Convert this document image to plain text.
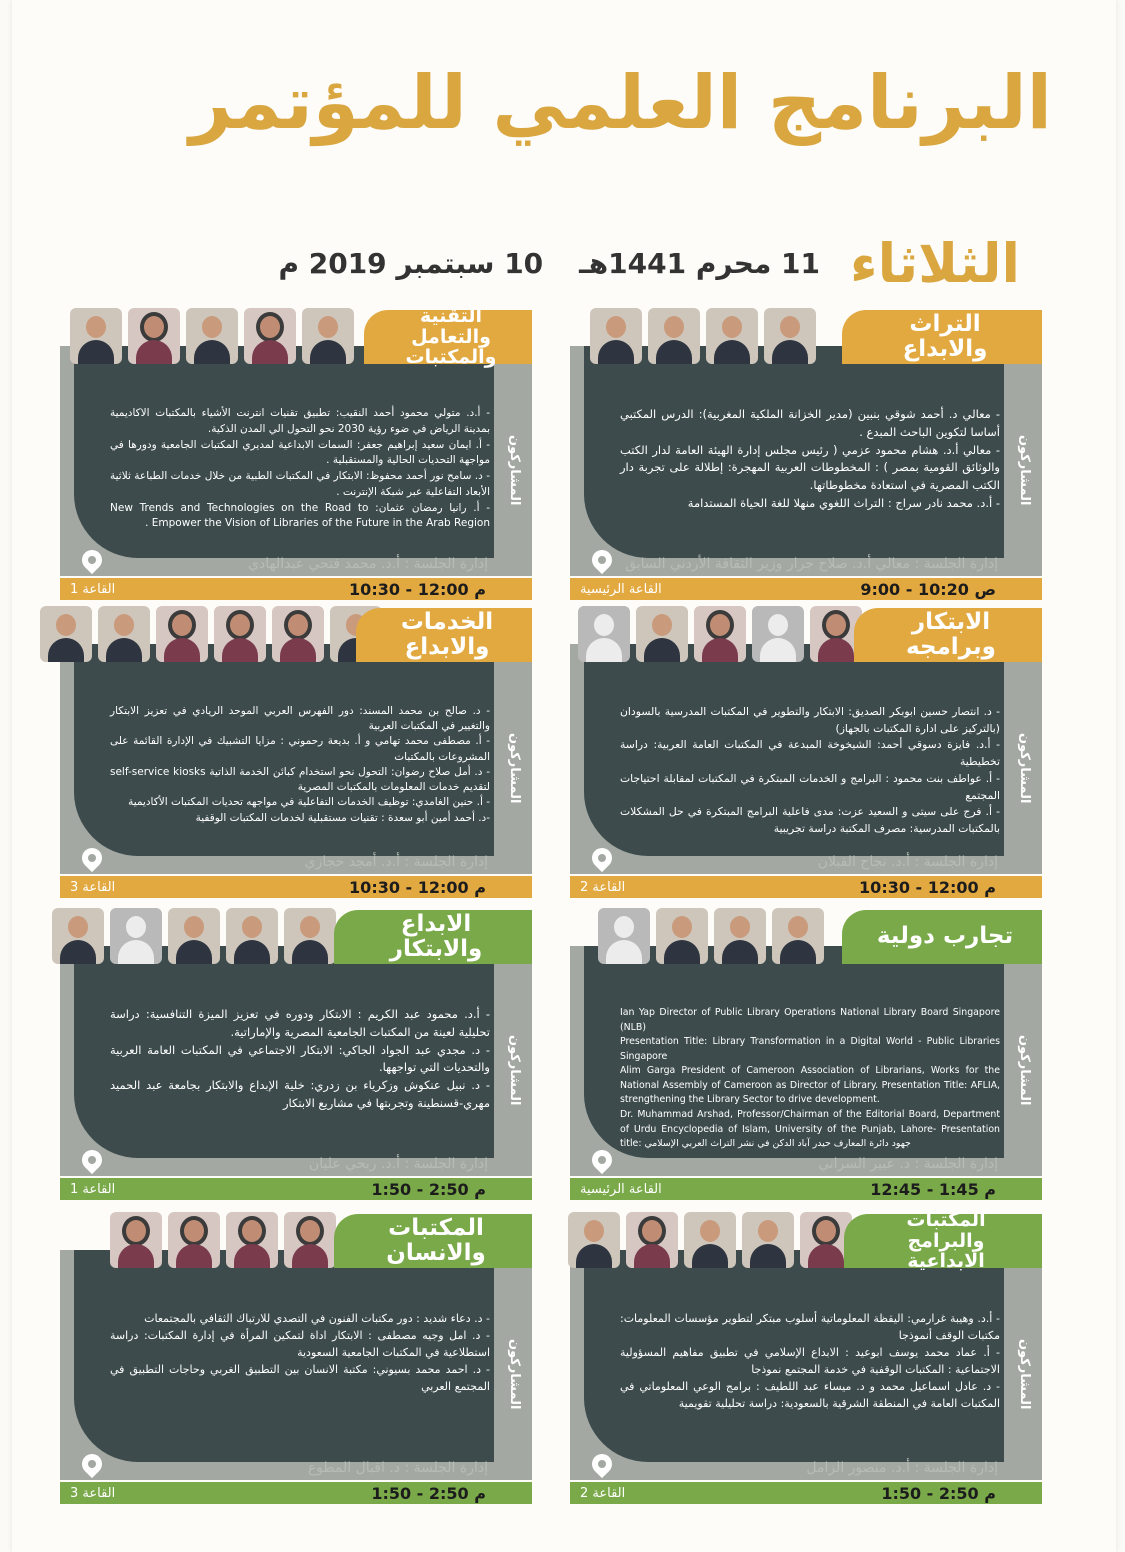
البرنامج العلمي للمؤتمر
الثلاثاء
11 محرم 1441هـ
10 سبتمبر 2019 م
التراث والابداع
المشاركون

- معالي د. أحمد شوقي بنبين (مدير الخزانة الملكية المغربية): الدرس المكتبي أساسا لتكوين الباحث المبدع .

- معالي أ.د. هشام محمود عزمي ( رئيس مجلس إدارة الهيئة العامة لدار الكتب والوثائق القومية بمصر ) : المخطوطات العربية المهجرة: إطلالة على تجربة دار الكتب المصرية في استعادة مخطوطاتها.

- أ.د. محمد نادر سراج : التراث اللغوي منهلا للغة الحياة المستدامة

إدارة الجلسة : معالي أ.د. صلاح جرار وزير الثقافة الأردني السابق
القاعة الرئيسية	9:00 - 10:20 ص
التقنية والتعامل والمكتبات
المشاركون

- أ.د. متولي محمود أحمد النقيب: تطبيق تقنيات انترنت الأشياء بالمكتبات الاكاديمية بمدينة الرياض في ضوء رؤية 2030 نحو التحول الي المدن الذكية.

- أ. ايمان سعيد إبراهيم جعفر: السمات الابداعية لمديري المكتبات الجامعية ودورها في مواجهة التحديات الحالية والمستقبلية .

- د. سامح نور أحمد محفوظ: الابتكار في المكتبات الطبية من خلال خدمات الطباعة ثلاثية الأبعاد التفاعلية عبر شبكة الإنترنت .

- أ. رانيا رمضان عثمان: New Trends and Technologies on the Road to Empower the Vision of Libraries of the Future in the Arab Region .

إدارة الجلسة : أ.د. محمد فتحي عبدالهادي
القاعة 1	10:30 - 12:00 م
الابتكار وبرامجه
المشاركون

- د. انتصار حسين ابوبكر الصديق: الابتكار والتطوير في المكتبات المدرسية بالسودان (بالتركيز على ادارة المكتبات بالجهاز)

- أ.د. فايزة دسوقي أحمد: الشيخوخة المبدعة في المكتبات العامة العربية: دراسة تخطيطية

- أ. عواطف بنت محمود : البرامج و الخدمات المبتكرة في المكتبات لمقابلة احتياجات المجتمع

- أ. فرج على سيتى و السعيد عزت: مدى فاعلية البرامج المبتكرة في حل المشكلات بالمكتبات المدرسية: مصرف المكتبة دراسة تجريبية

إدارة الجلسة : أ.د. نجاح القبلان
القاعة 2	10:30 - 12:00 م
الخدمات والابداع
المشاركون

- د. صالح بن محمد المسند: دور الفهرس العربي الموحد الريادي في تعزيز الابتكار والتغيير في المكتبات العربية

- أ. مصطفى محمد تهامي و أ. بديعة رحموني : مزايا التشبيك في الإدارة القائمة على المشروعات بالمكتبات

- د. أمل صلاح رضوان: التحول نحو استخدام كبائن الخدمة الذاتية self-service kiosks لتقديم خدمات المعلومات بالمكتبات المصرية

- أ. حنين الغامدي: توظيف الخدمات التفاعلية في مواجهه تحديات المكتبات الأكاديمية

-د. أحمد أمين أبو سعدة : تقنيات مستقبلية لخدمات المكتبات الوقفية

إدارة الجلسة : أ.د. أمجد حجازي
القاعة 3	10:30 - 12:00 م
تجارب دولية
المشاركون

Ian Yap Director of Public Library Operations National Library Board Singapore (NLB)

Presentation Title: Library Transformation in a Digital World - Public Libraries Singapore

Alim Garga President of Cameroon Association of Librarians, Works for the National Assembly of Cameroon as Director of Library. Presentation Title: AFLIA, strengthening the Library Sector to drive development.

Dr. Muhammad Arshad, Professor/Chairman of the Editorial Board, Department of Urdu Encyclopedia of Islam, University of the Punjab, Lahore- Presentation title: جهود دائرة المعارف حيدر آباد الدكن في نشر التراث العربي الإسلامي

إدارة الجلسة : د. عبير السراني
القاعة الرئيسية	12:45 - 1:45 م
الابداع والابتكار
المشاركون

- أ.د. محمود عبد الكريم : الابتكار ودوره في تعزيز الميزة التنافسية: دراسة تحليلية لعينة من المكتبات الجامعية المصرية والإماراتية.

- د. مجدي عبد الجواد الجاكي: الابتكار الاجتماعي في المكتبات العامة العربية والتحديات التي تواجهها.

- د. نبيل عنكوش وزكرياء بن زدري: خلية الإبداع والابتكار بجامعة عبد الحميد مهري-قسنطينة وتجربتها في مشاريع الابتكار

إدارة الجلسة : أ.د. ربحي عليان
القاعة 1	1:50 - 2:50 م
المكتبات والبرامج الابداعية
المشاركون

- أ.د. وهيبة غرارمي: اليقظة المعلوماتية أسلوب مبتكر لتطوير مؤسسات المعلومات: مكتبات الوقف أنموذجا

- أ. عماد محمد يوسف ابوعيد : الابداع الإسلامي في تطبيق مفاهيم المسؤولية الاجتماعية : المكتبات الوقفية في خدمة المجتمع نموذجا

- د. عادل اسماعيل محمد و د. ميساء عبد اللطيف : برامج الوعي المعلوماتي في المكتبات العامة في المنطقة الشرقية بالسعودية: دراسة تحليلية تقويمية

إدارة الجلسة : أ.د. منصور الزامل
القاعة 2	1:50 - 2:50 م
المكتبات والانسان
المشاركون

- د. دعاء شديد : دور مكتبات الفنون في التصدي للارتباك الثقافي بالمجتمعات

- د. امل وجيه مصطفى : الابتكار اداة لتمكين المرأة في إدارة المكتبات: دراسة استطلاعية في المكتبات الجامعية السعودية

- د. احمد محمد بسيوني: مكتبة الانسان بين التطبيق الغربي وحاجات التطبيق في المجتمع العربي

إدارة الجلسة : د. اقبال المطوع
القاعة 3	1:50 - 2:50 م
